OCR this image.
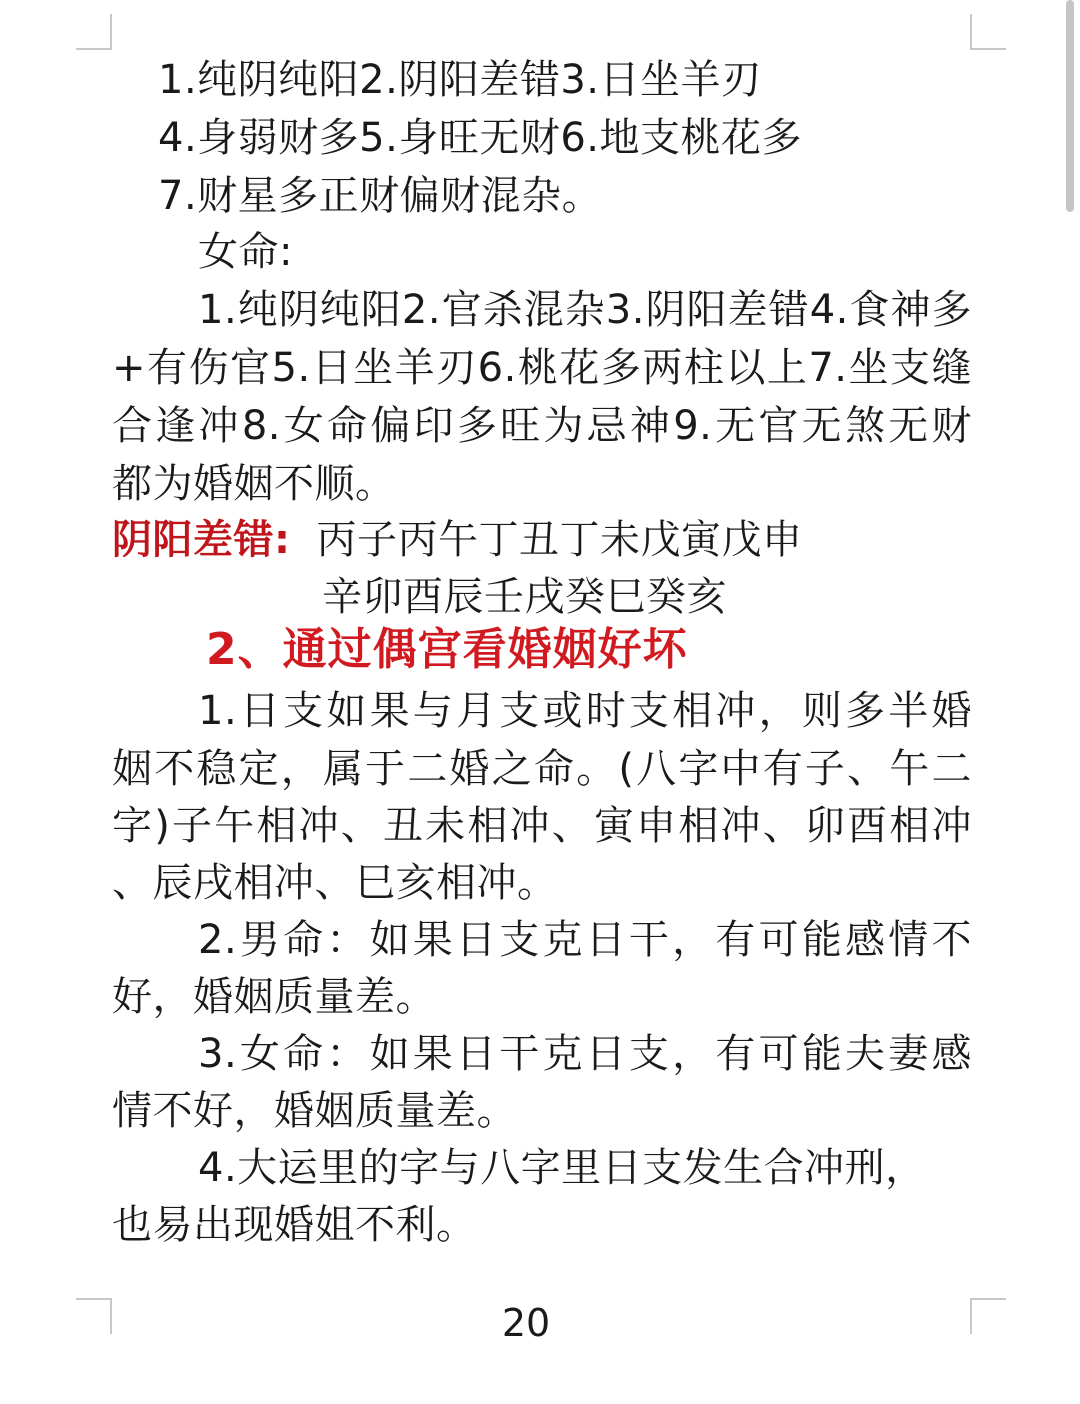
1.纯阴纯阳2.阴阳差错3.日坐羊刃
4.身弱财多5.身旺无财6.地支桃花多
7.财星多正财偏财混杂。
女命:
1.纯阴纯阳2.官杀混杂3.阴阳差错4.食神多
+有伤官5.日坐羊刃6.桃花多两柱以上7.坐支缝
合逢冲8.女命偏印多旺为忌神9.无官无煞无财
都为婚姻不顺。
阴阳差错: 丙子丙午丁丑丁未戊寅戊申
辛卯酉辰壬戌癸巳癸亥
2、通过偶宫看婚姻好坏
1.日支如果与月支或时支相冲，则多半婚
姻不稳定，属于二婚之命。(八字中有子、午二
字)子午相冲、丑未相冲、寅申相冲、卯酉相冲
、辰戌相冲、巳亥相冲。
2.男命：如果日支克日干，有可能感情不
好，婚姻质量差。
3.女命：如果日干克日支，有可能夫妻感
情不好，婚姻质量差。
4.大运里的字与八字里日支发生合冲刑，
也易出现婚姐不利。
20
